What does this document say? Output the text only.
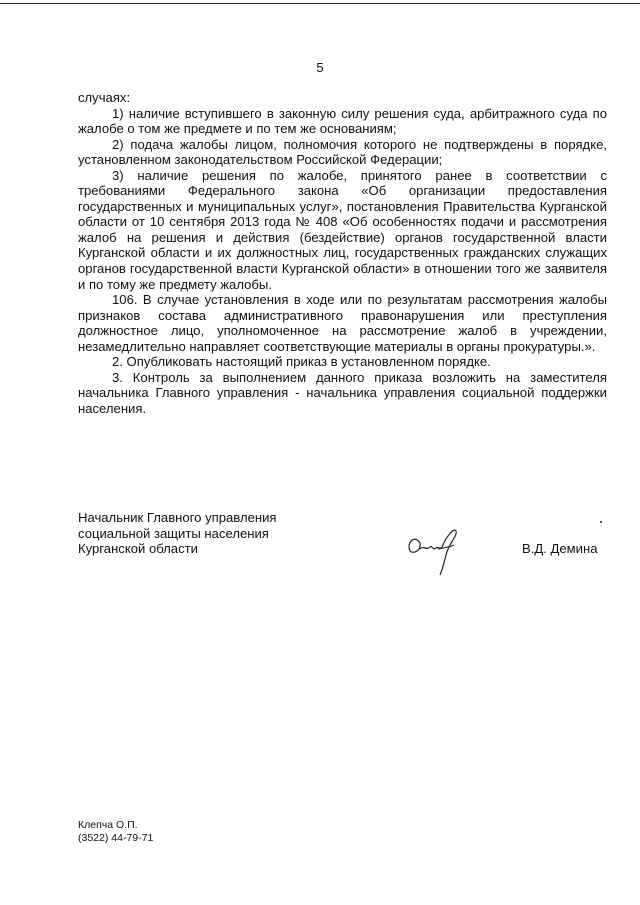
5

случаях:

1) наличие вступившего в законную силу решения суда, арбитражного суда по жалобе о том же предмете и по тем же основаниям;

2) подача жалобы лицом, полномочия которого не подтверждены в порядке, установленном законодательством Российской Федерации;

3) наличие решения по жалобе, принятого ранее в соответствии с требованиями Федерального закона «Об организации предоставления государственных и муниципальных услуг», постановления Правительства Курганской области от 10 сентября 2013 года № 408 «Об особенностях подачи и рассмотрения жалоб на решения и действия (бездействие) органов государственной власти Курганской области и их должностных лиц, государственных гражданских служащих органов государственной власти Курганской области» в отношении того же заявителя и по тому же предмету жалобы.

106. В случае установления в ходе или по результатам рассмотрения жалобы признаков состава административного правонарушения или преступления должностное лицо, уполномоченное на рассмотрение жалоб в учреждении, незамедлительно направляет соответствующие материалы в органы прокуратуры.».

2. Опубликовать настоящий приказ в установленном порядке.

3. Контроль за выполнением данного приказа возложить на заместителя начальника Главного управления - начальника управления социальной поддержки населения.

Начальник Главного управления
социальной защиты населения
Курганской области	В.Д. Демина
Клепча О.П.
(3522) 44-79-71
